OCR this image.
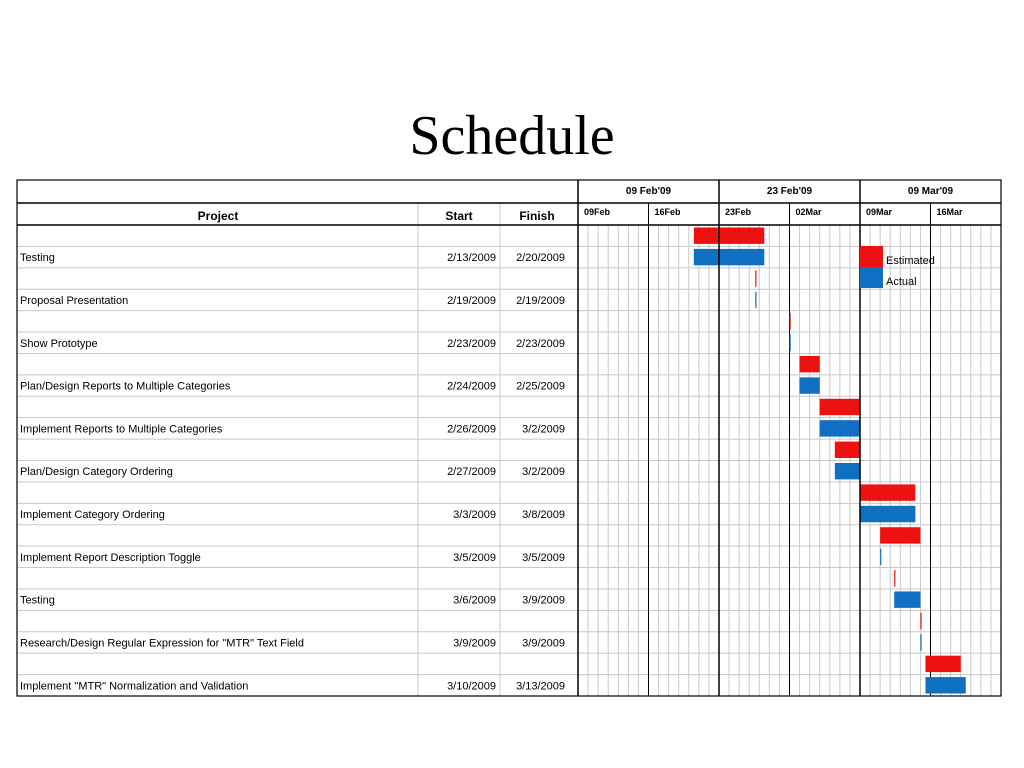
Schedule
Project	Start	Finish
Estimated
Actual
09 Feb'09	23 Feb'09	09 Mar'09
09Feb	16Feb	23Feb	02Mar	09Mar	16Mar
Testing	2/13/2009 2/20/2009
Proposal Presentation	2/19/2009 2/19/2009
Show Prototype	2/23/2009 2/23/2009
Plan/Design Reports to Multiple Categories	2/24/2009 2/25/2009
Implement Reports to Multiple Categories	2/26/2009 3/2/2009
Plan/Design Category Ordering	2/27/2009 3/2/2009
Implement Category Ordering	3/3/2009 3/8/2009
Implement Report Description Toggle	3/5/2009 3/5/2009
Testing	3/6/2009 3/9/2009
Research/Design Regular Expression for "MTR" Text Field	3/9/2009 3/9/2009
Implement "MTR" Normalization and Validation	3/10/2009 3/13/2009
